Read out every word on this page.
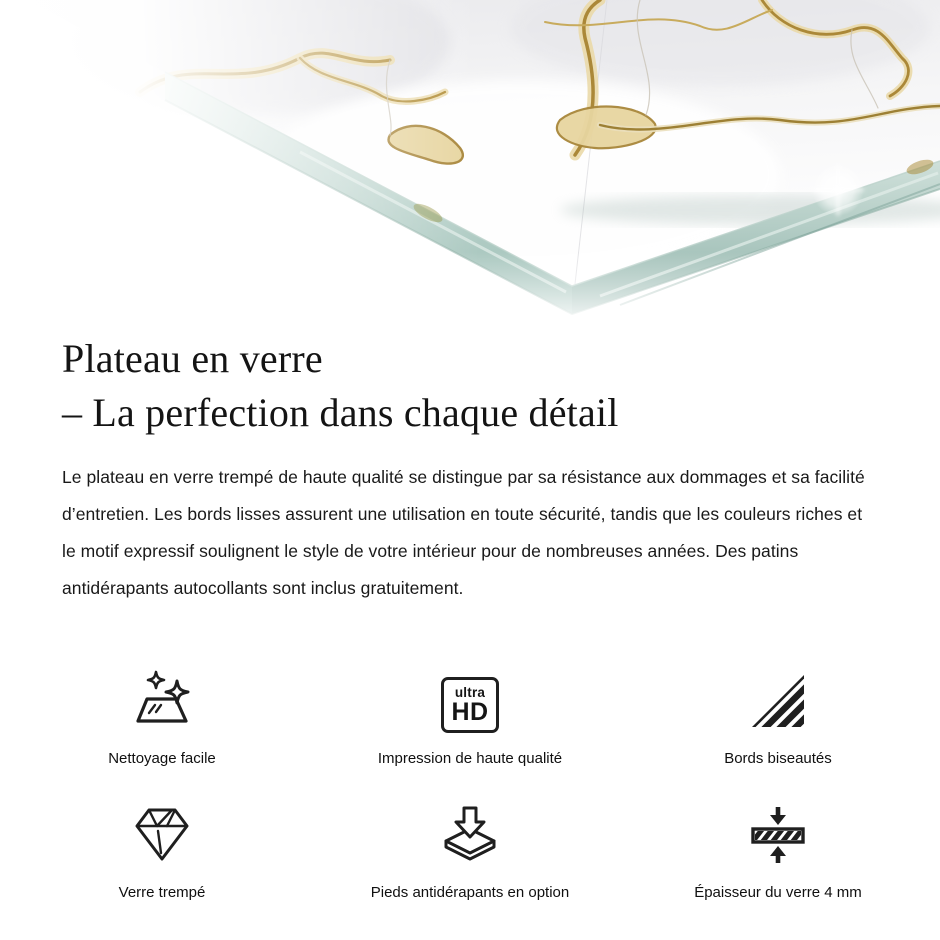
Plateau en verre
– La perfection dans chaque détail

Le plateau en verre trempé de haute qualité se distingue par sa résistance aux dommages et sa facilité d’entretien. Les bords lisses assurent une utilisation en toute sécurité, tandis que les couleurs riches et le motif expressif soulignent le style de votre intérieur pour de nombreuses années. Des patins antidérapants autocollants sont inclus gratuitement.

Nettoyage facile
ultra
HD
Impression de haute qualité	Bords biseautés
Verre trempé	Pieds antidérapants en option	Épaisseur du verre 4 mm
